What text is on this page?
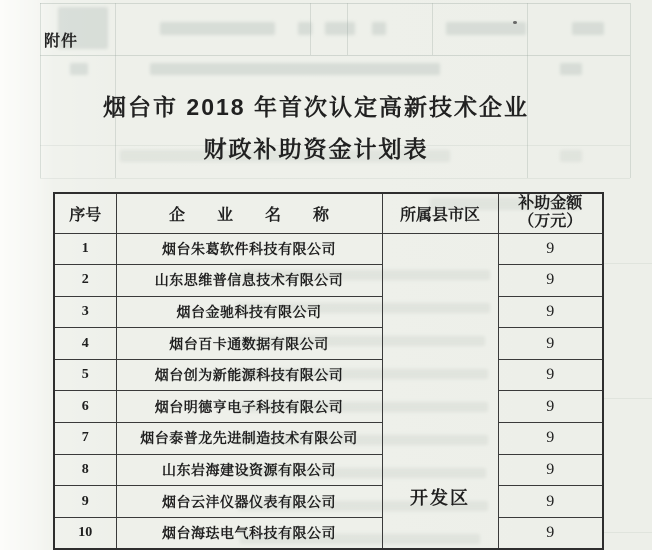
附件
烟台市 2018 年首次认定高新技术企业
财政补助资金计划表
序号	企　　业　　名　　称	所属县市区	补助金额
（万元）

1	烟台朱葛软件科技有限公司	开发区	9
2	山东思维普信息技术有限公司		9
3	烟台金驰科技有限公司		9
4	烟台百卡通数据有限公司		9
5	烟台创为新能源科技有限公司		9
6	烟台明德亨电子科技有限公司		9
7	烟台泰普龙先进制造技术有限公司		9
8	山东岩海建设资源有限公司		9
9	烟台云沣仪器仪表有限公司		9
10	烟台海珐电气科技有限公司		9
